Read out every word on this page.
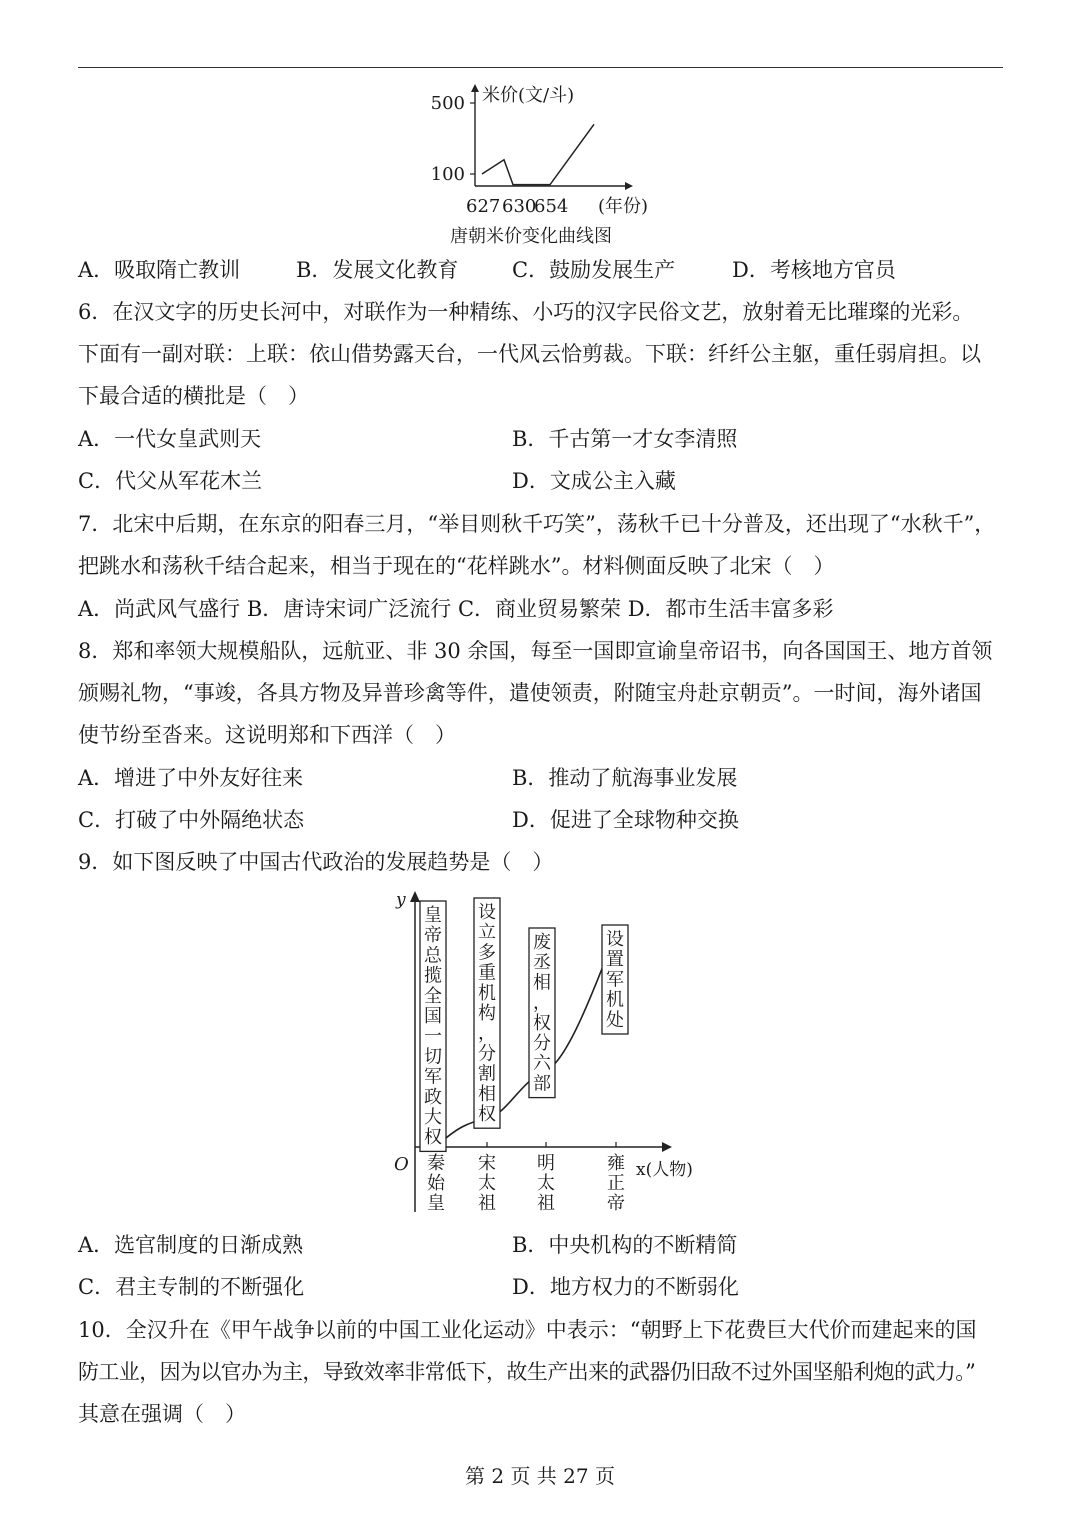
米价(文/斗)
(年份)
100
500
627 630
654
唐朝米价变化曲线图
A．吸取隋亡教训	B．发展文化教育	C．鼓励发展生产	D．考核地方官员
6．在汉文字的历史长河中，对联作为一种精练、小巧的汉字民俗文艺，放射着无比璀璨的光彩。
下面有一副对联：上联：依山借势露天台，一代风云恰剪裁。下联：纤纤公主躯，重任弱肩担。以
下最合适的横批是（　）
A．一代女皇武则天	B．千古第一才女李清照
C．代父从军花木兰	D．文成公主入藏
7．北宋中后期，在东京的阳春三月，“举目则秋千巧笑”，荡秋千已十分普及，还出现了“水秋千”，
把跳水和荡秋千结合起来，相当于现在的“花样跳水”。材料侧面反映了北宋（　）
A．尚武风气盛行 B．唐诗宋词广泛流行 C．商业贸易繁荣 D．都市生活丰富多彩
8．郑和率领大规模船队，远航亚、非 30 余国，每至一国即宣谕皇帝诏书，向各国国王、地方首领
颁赐礼物，“事竣，各具方物及异普珍禽等件，遣使领责，附随宝舟赴京朝贡”。一时间，海外诸国
使节纷至沓来。这说明郑和下西洋（　）
A．增进了中外友好往来	B．推动了航海事业发展
C．打破了中外隔绝状态	D．促进了全球物种交换
9．如下图反映了中国古代政治的发展趋势是（　）
y
O	x(人物)
秦始皇
宋太祖
明太祖
雍正帝
皇帝总揽全国一切军政大权
设立多重机构，分割相权
废丞相，权分六部
设置军机处
A．选官制度的日渐成熟	B．中央机构的不断精简
C．君主专制的不断强化	D．地方权力的不断弱化
10．全汉升在《甲午战争以前的中国工业化运动》中表示：“朝野上下花费巨大代价而建起来的国
防工业，因为以官办为主，导致效率非常低下，故生产出来的武器仍旧敌不过外国坚船利炮的武力。”
其意在强调（　）
第 2 页 共 27 页
